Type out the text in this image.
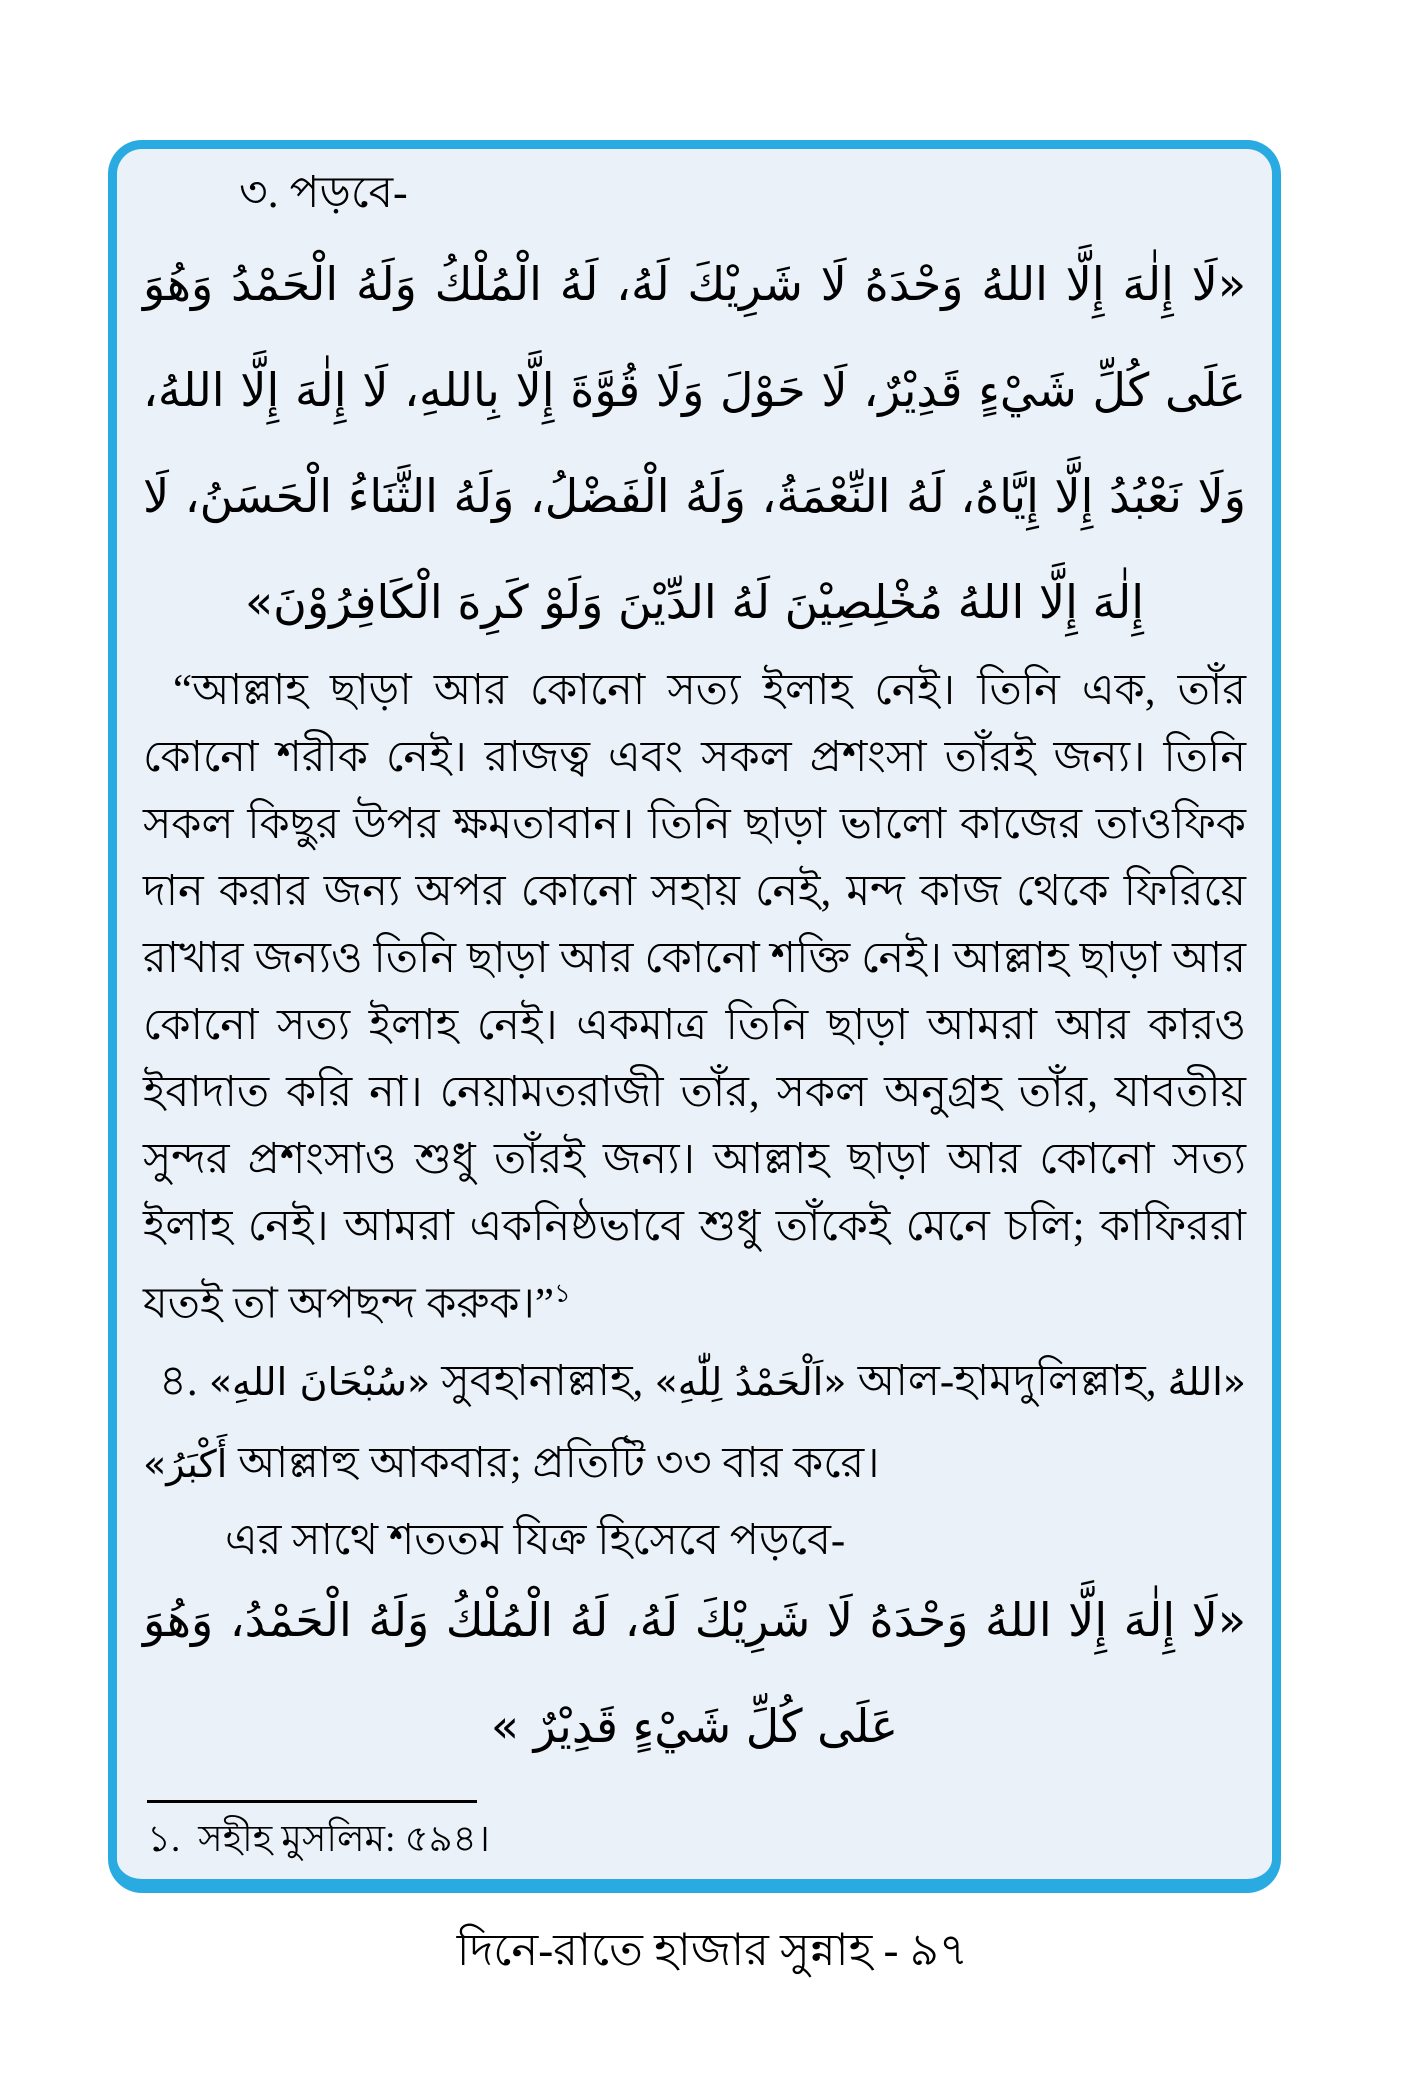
৩. পড়বে-
«لَا إِلٰهَ إِلَّا اللهُ وَحْدَهُ لَا شَرِيْكَ لَهُ، لَهُ الْمُلْكُ وَلَهُ الْحَمْدُ وَهُوَ عَلَى كُلِّ شَيْءٍ قَدِيْرٌ، لَا حَوْلَ وَلَا قُوَّةَ إِلَّا بِاللهِ، لَا إِلٰهَ إِلَّا اللهُ، وَلَا نَعْبُدُ إِلَّا إِيَّاهُ، لَهُ النِّعْمَةُ، وَلَهُ الْفَضْلُ، وَلَهُ الثَّنَاءُ الْحَسَنُ، لَا إِلٰهَ إِلَّا اللهُ مُخْلِصِيْنَ لَهُ الدِّيْنَ وَلَوْ كَرِهَ الْكَافِرُوْنَ»

“আল্লাহ ছাড়া আর কোনো সত্য ইলাহ নেই। তিনি এক, তাঁর কোনো শরীক নেই। রাজত্ব এবং সকল প্রশংসা তাঁরই জন্য। তিনি সকল কিছুর উপর ক্ষমতাবান। তিনি ছাড়া ভালো কাজের তাওফিক দান করার জন্য অপর কোনো সহায় নেই, মন্দ কাজ থেকে ফিরিয়ে রাখার জন্যও তিনি ছাড়া আর কোনো শক্তি নেই। আল্লাহ ছাড়া আর কোনো সত্য ইলাহ নেই। একমাত্র তিনি ছাড়া আমরা আর কারও ইবাদাত করি না। নেয়ামতরাজী তাঁর, সকল অনুগ্রহ তাঁর, যাবতীয় সুন্দর প্রশংসাও শুধু তাঁরই জন্য। আল্লাহ ছাড়া আর কোনো সত্য ইলাহ নেই। আমরা একনিষ্ঠভাবে শুধু তাঁকেই মেনে চলি; কাফিররা যতই তা অপছন্দ করুক।”$^১$

৪. «سُبْحَانَ اللهِ» সুবহানাল্লাহ, «اَلْحَمْدُ لِلّٰهِ» আল-হামদুলিল্লাহ, «اللهُ أَكْبَرُ» আল্লাহু আকবার; প্রতিটি ৩৩ বার করে।

এর সাথে শততম যিক্র হিসেবে পড়বে-

«لَا إِلٰهَ إِلَّا اللهُ وَحْدَهُ لَا شَرِيْكَ لَهُ، لَهُ الْمُلْكُ وَلَهُ الْحَمْدُ، وَهُوَ عَلَى كُلِّ شَيْءٍ قَدِيْرٌ »
১. সহীহ মুসলিম: ৫৯৪।
দিনে-রাতে হাজার সুন্নাহ - ৯৭
